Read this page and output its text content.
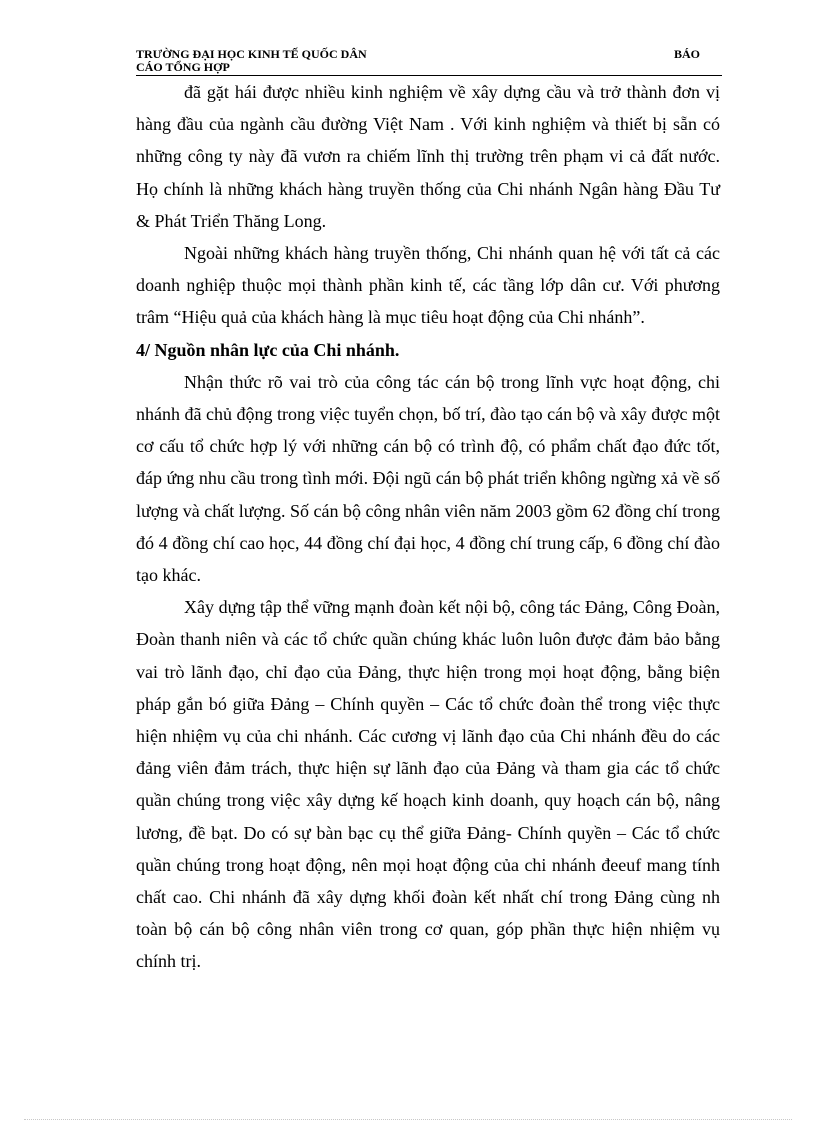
TRƯỜNG ĐẠI HỌC KINH TẾ QUỐC DÂN	BÁO
CÁO TỔNG HỢP

đã gặt hái được nhiều kinh nghiệm về xây dựng cầu và trở thành đơn vị hàng đầu của ngành cầu đường Việt Nam . Với kinh nghiệm và thiết bị sẵn có những công ty này đã vươn ra chiếm lĩnh thị trường trên phạm vi cả đất nước. Họ chính là những khách hàng truyền thống của Chi nhánh Ngân hàng Đầu Tư & Phát Triển Thăng Long.

Ngoài những khách hàng truyền thống, Chi nhánh quan hệ với tất cả các doanh nghiệp thuộc mọi thành phần kinh tế, các tầng lớp dân cư. Với phương trâm “Hiệu quả của khách hàng là mục tiêu hoạt động của Chi nhánh”.

4/ Nguồn nhân lực của Chi nhánh.

Nhận thức rõ vai trò của công tác cán bộ trong lĩnh vực hoạt động, chi nhánh đã chủ động trong việc tuyển chọn, bố trí, đào tạo cán bộ và xây được một cơ cấu tổ chức hợp lý với những cán bộ có trình độ, có phẩm chất đạo đức tốt, đáp ứng nhu cầu trong tình mới. Đội ngũ cán bộ phát triển không ngừng xả về số lượng và chất lượng. Số cán bộ công nhân viên năm 2003 gồm 62 đồng chí trong đó 4 đồng chí cao học, 44 đồng chí đại học, 4 đồng chí trung cấp, 6 đồng chí đào tạo khác.

Xây dựng tập thể vững mạnh đoàn kết nội bộ, công tác Đảng, Công Đoàn, Đoàn thanh niên và các tổ chức quần chúng khác luôn luôn được đảm bảo bằng vai trò lãnh đạo, chỉ đạo của Đảng, thực hiện trong mọi hoạt động, bằng biện pháp gắn bó giữa Đảng – Chính quyền – Các tổ chức đoàn thể trong việc thực hiện nhiệm vụ của chi nhánh. Các cương vị lãnh đạo của Chi nhánh đều do các đảng viên đảm trách, thực hiện sự lãnh đạo của Đảng và tham gia các tổ chức quần chúng trong việc xây dựng kế hoạch kinh doanh, quy hoạch cán bộ, nâng lương, đề bạt. Do có sự bàn bạc cụ thể giữa Đảng- Chính quyền – Các tổ chức quần chúng trong hoạt động, nên mọi hoạt động của chi nhánh đeeuf mang tính chất cao. Chi nhánh đã xây dựng khối đoàn kết nhất chí trong Đảng cùng nh toàn bộ cán bộ công nhân viên trong cơ quan, góp phần thực hiện nhiệm vụ chính trị.
